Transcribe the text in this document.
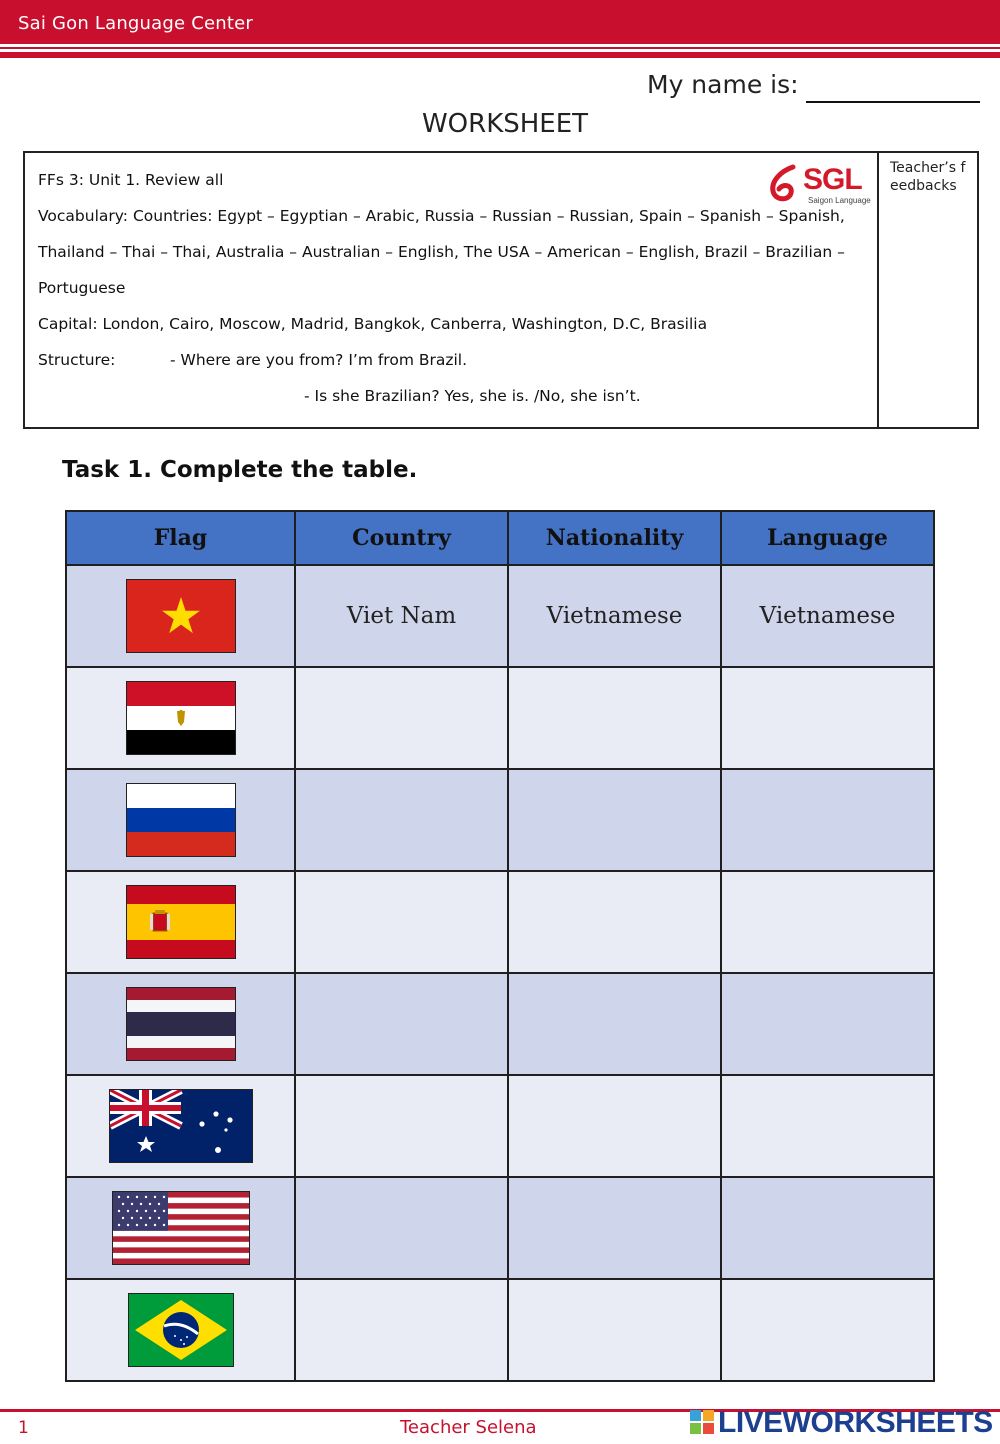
Sai Gon Language Center
My name is:
WORKSHEET
FFs 3: Unit 1. Review all
Vocabulary: Countries: Egypt – Egyptian – Arabic, Russia – Russian – Russian, Spain – Spanish – Spanish,
Thailand – Thai – Thai, Australia – Australian – English, The USA – American – English, Brazil – Brazilian –
Portuguese
Capital: London, Cairo, Moscow, Madrid, Bangkok, Canberra, Washington, D.C, Brasilia
Structure:	- Where are you from? I’m from Brazil.
- Is she Brazilian? Yes, she is. /No, she isn’t.
SGL
Saigon Language
Teacher’s feedbacks
Task 1. Complete the table.
Flag	Country	Nationality	Language

	Viet Nam	Vietnamese	Vietnamese

1	Teacher Selena	LIVEWORKSHEETS
